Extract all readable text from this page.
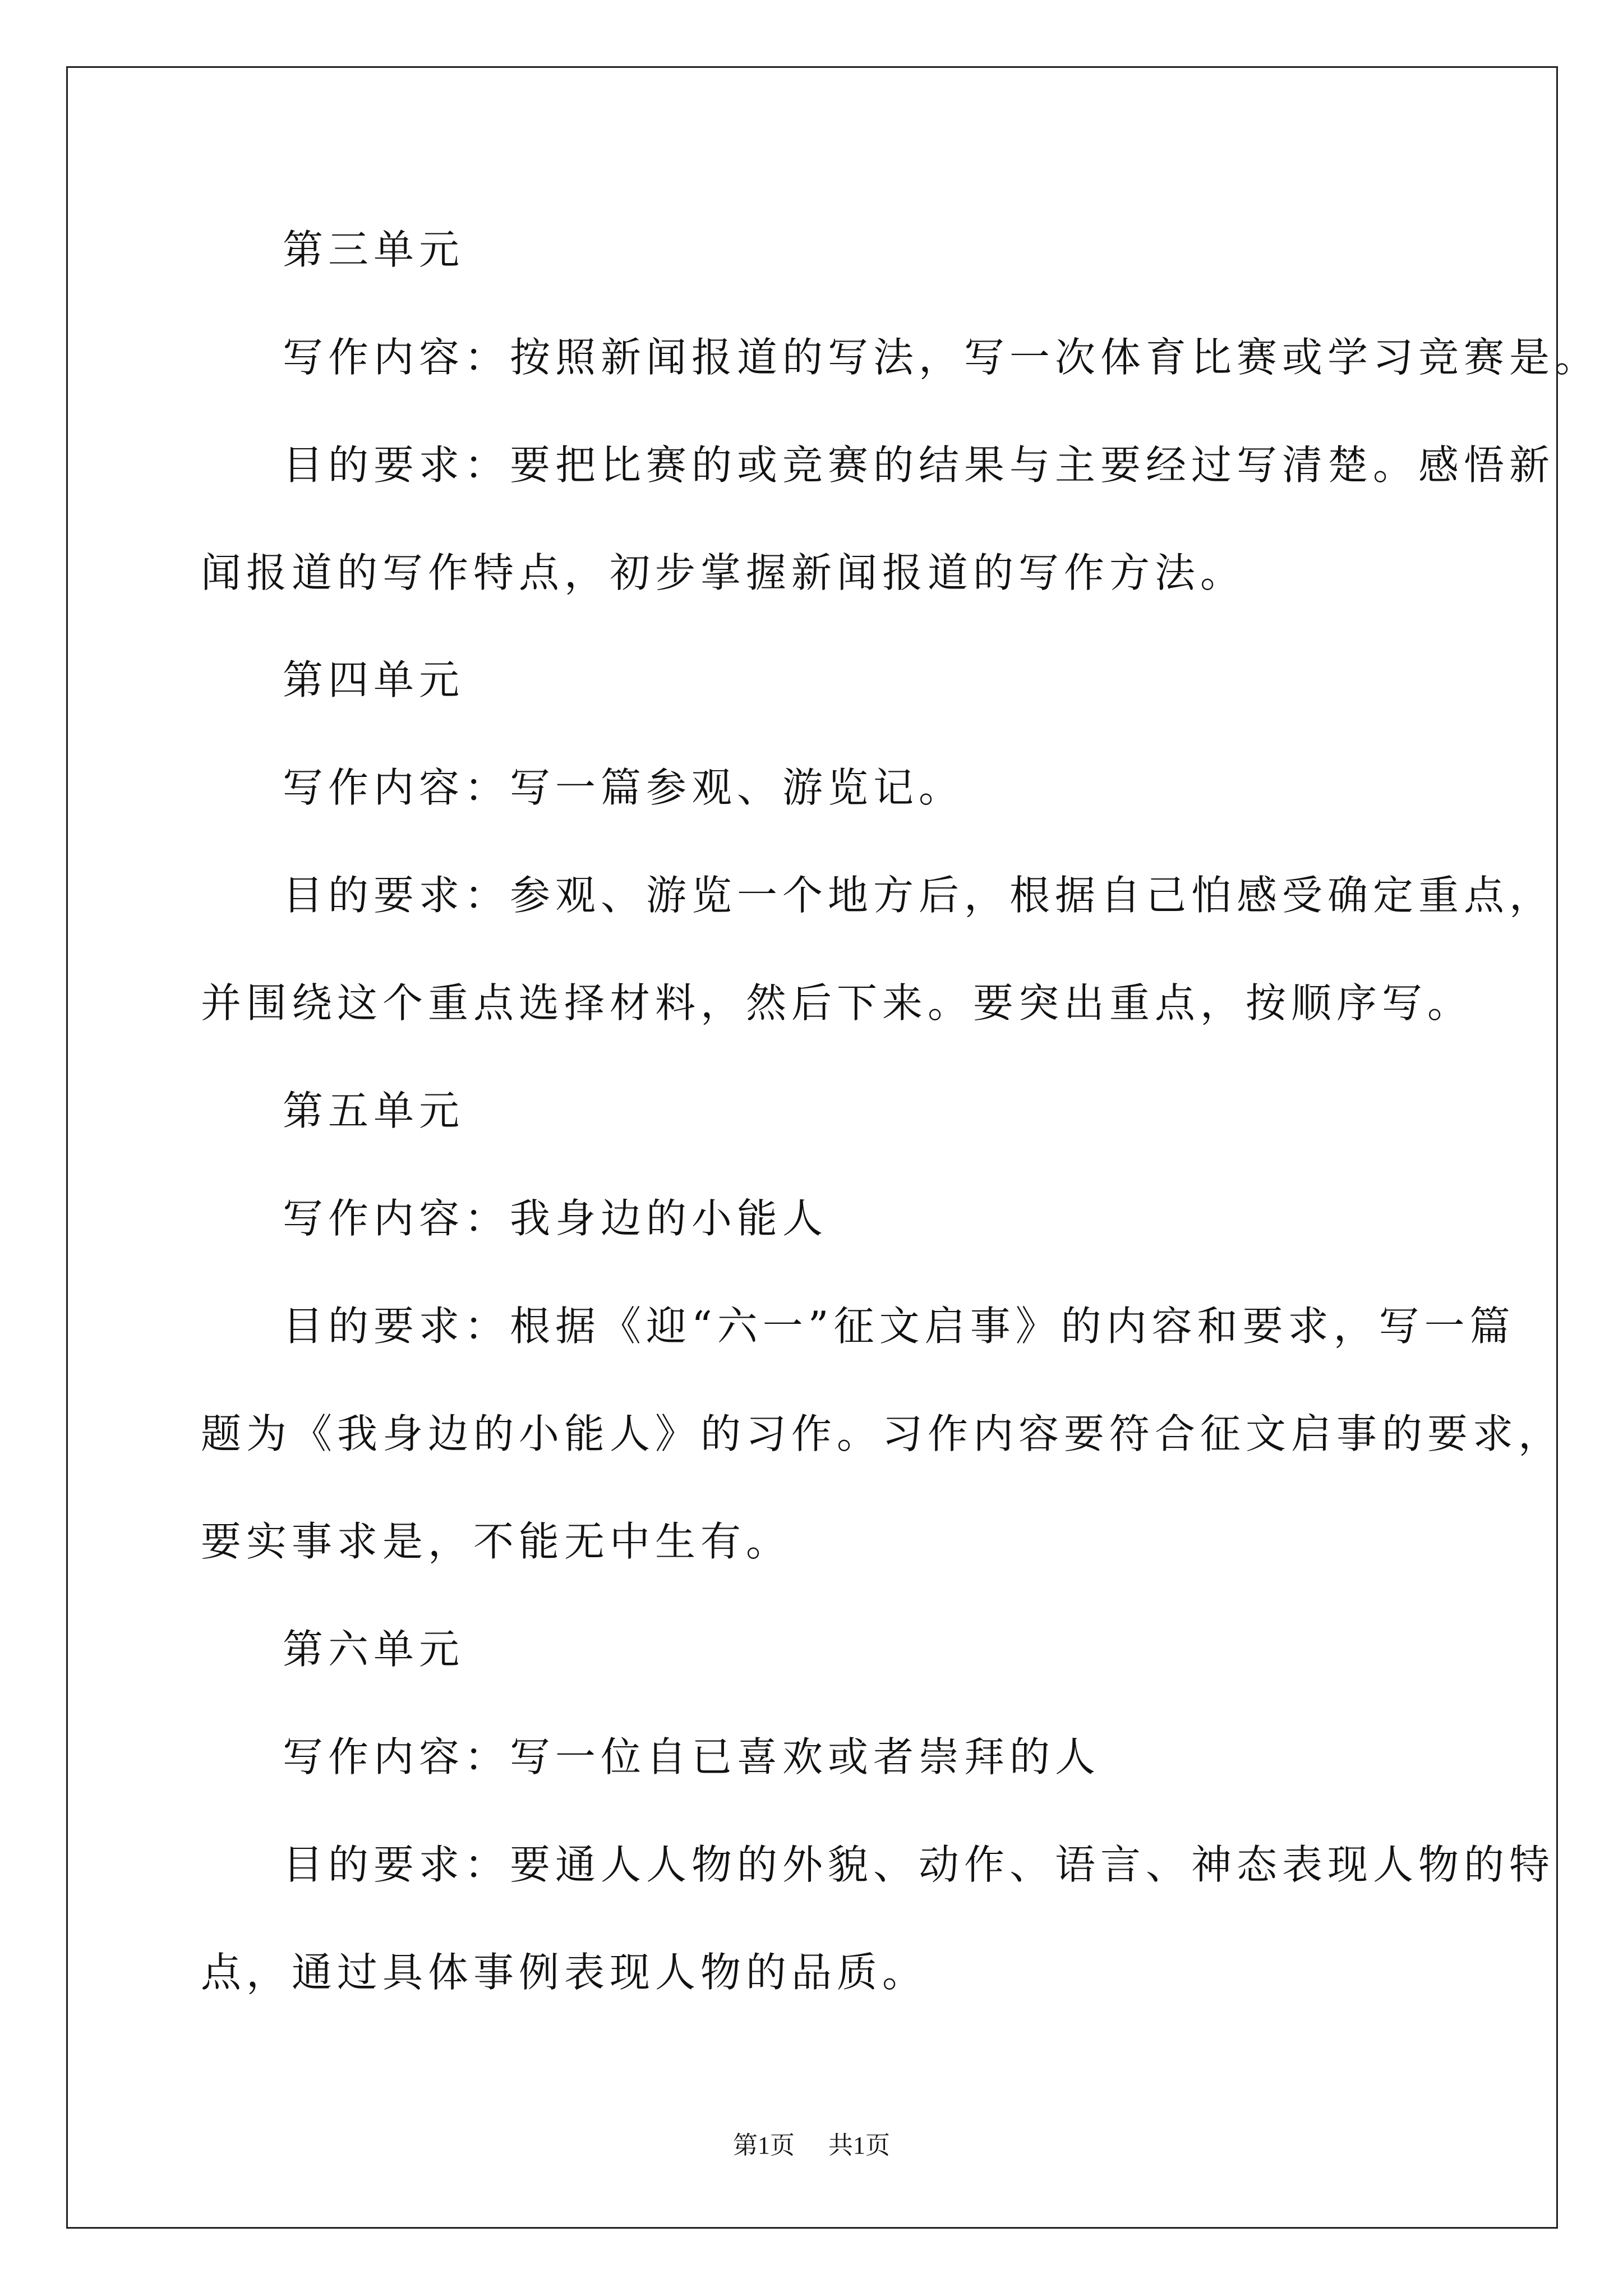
第三单元
写作内容：按照新闻报道的写法，写一次体育比赛或学习竞赛是。
目的要求：要把比赛的或竞赛的结果与主要经过写清楚。感悟新
闻报道的写作特点，初步掌握新闻报道的写作方法。
第四单元
写作内容：写一篇参观、游览记。
目的要求：参观、游览一个地方后，根据自己怕感受确定重点，
并围绕这个重点选择材料，然后下来。要突出重点，按顺序写。
第五单元
写作内容：我身边的小能人
目的要求：根据《迎“六一”征文启事》的内容和要求，写一篇
题为《我身边的小能人》的习作。习作内容要符合征文启事的要求，
要实事求是，不能无中生有。
第六单元
写作内容：写一位自已喜欢或者崇拜的人
目的要求：要通人人物的外貌、动作、语言、神态表现人物的特
点，通过具体事例表现人物的品质。
第1页 共1页
